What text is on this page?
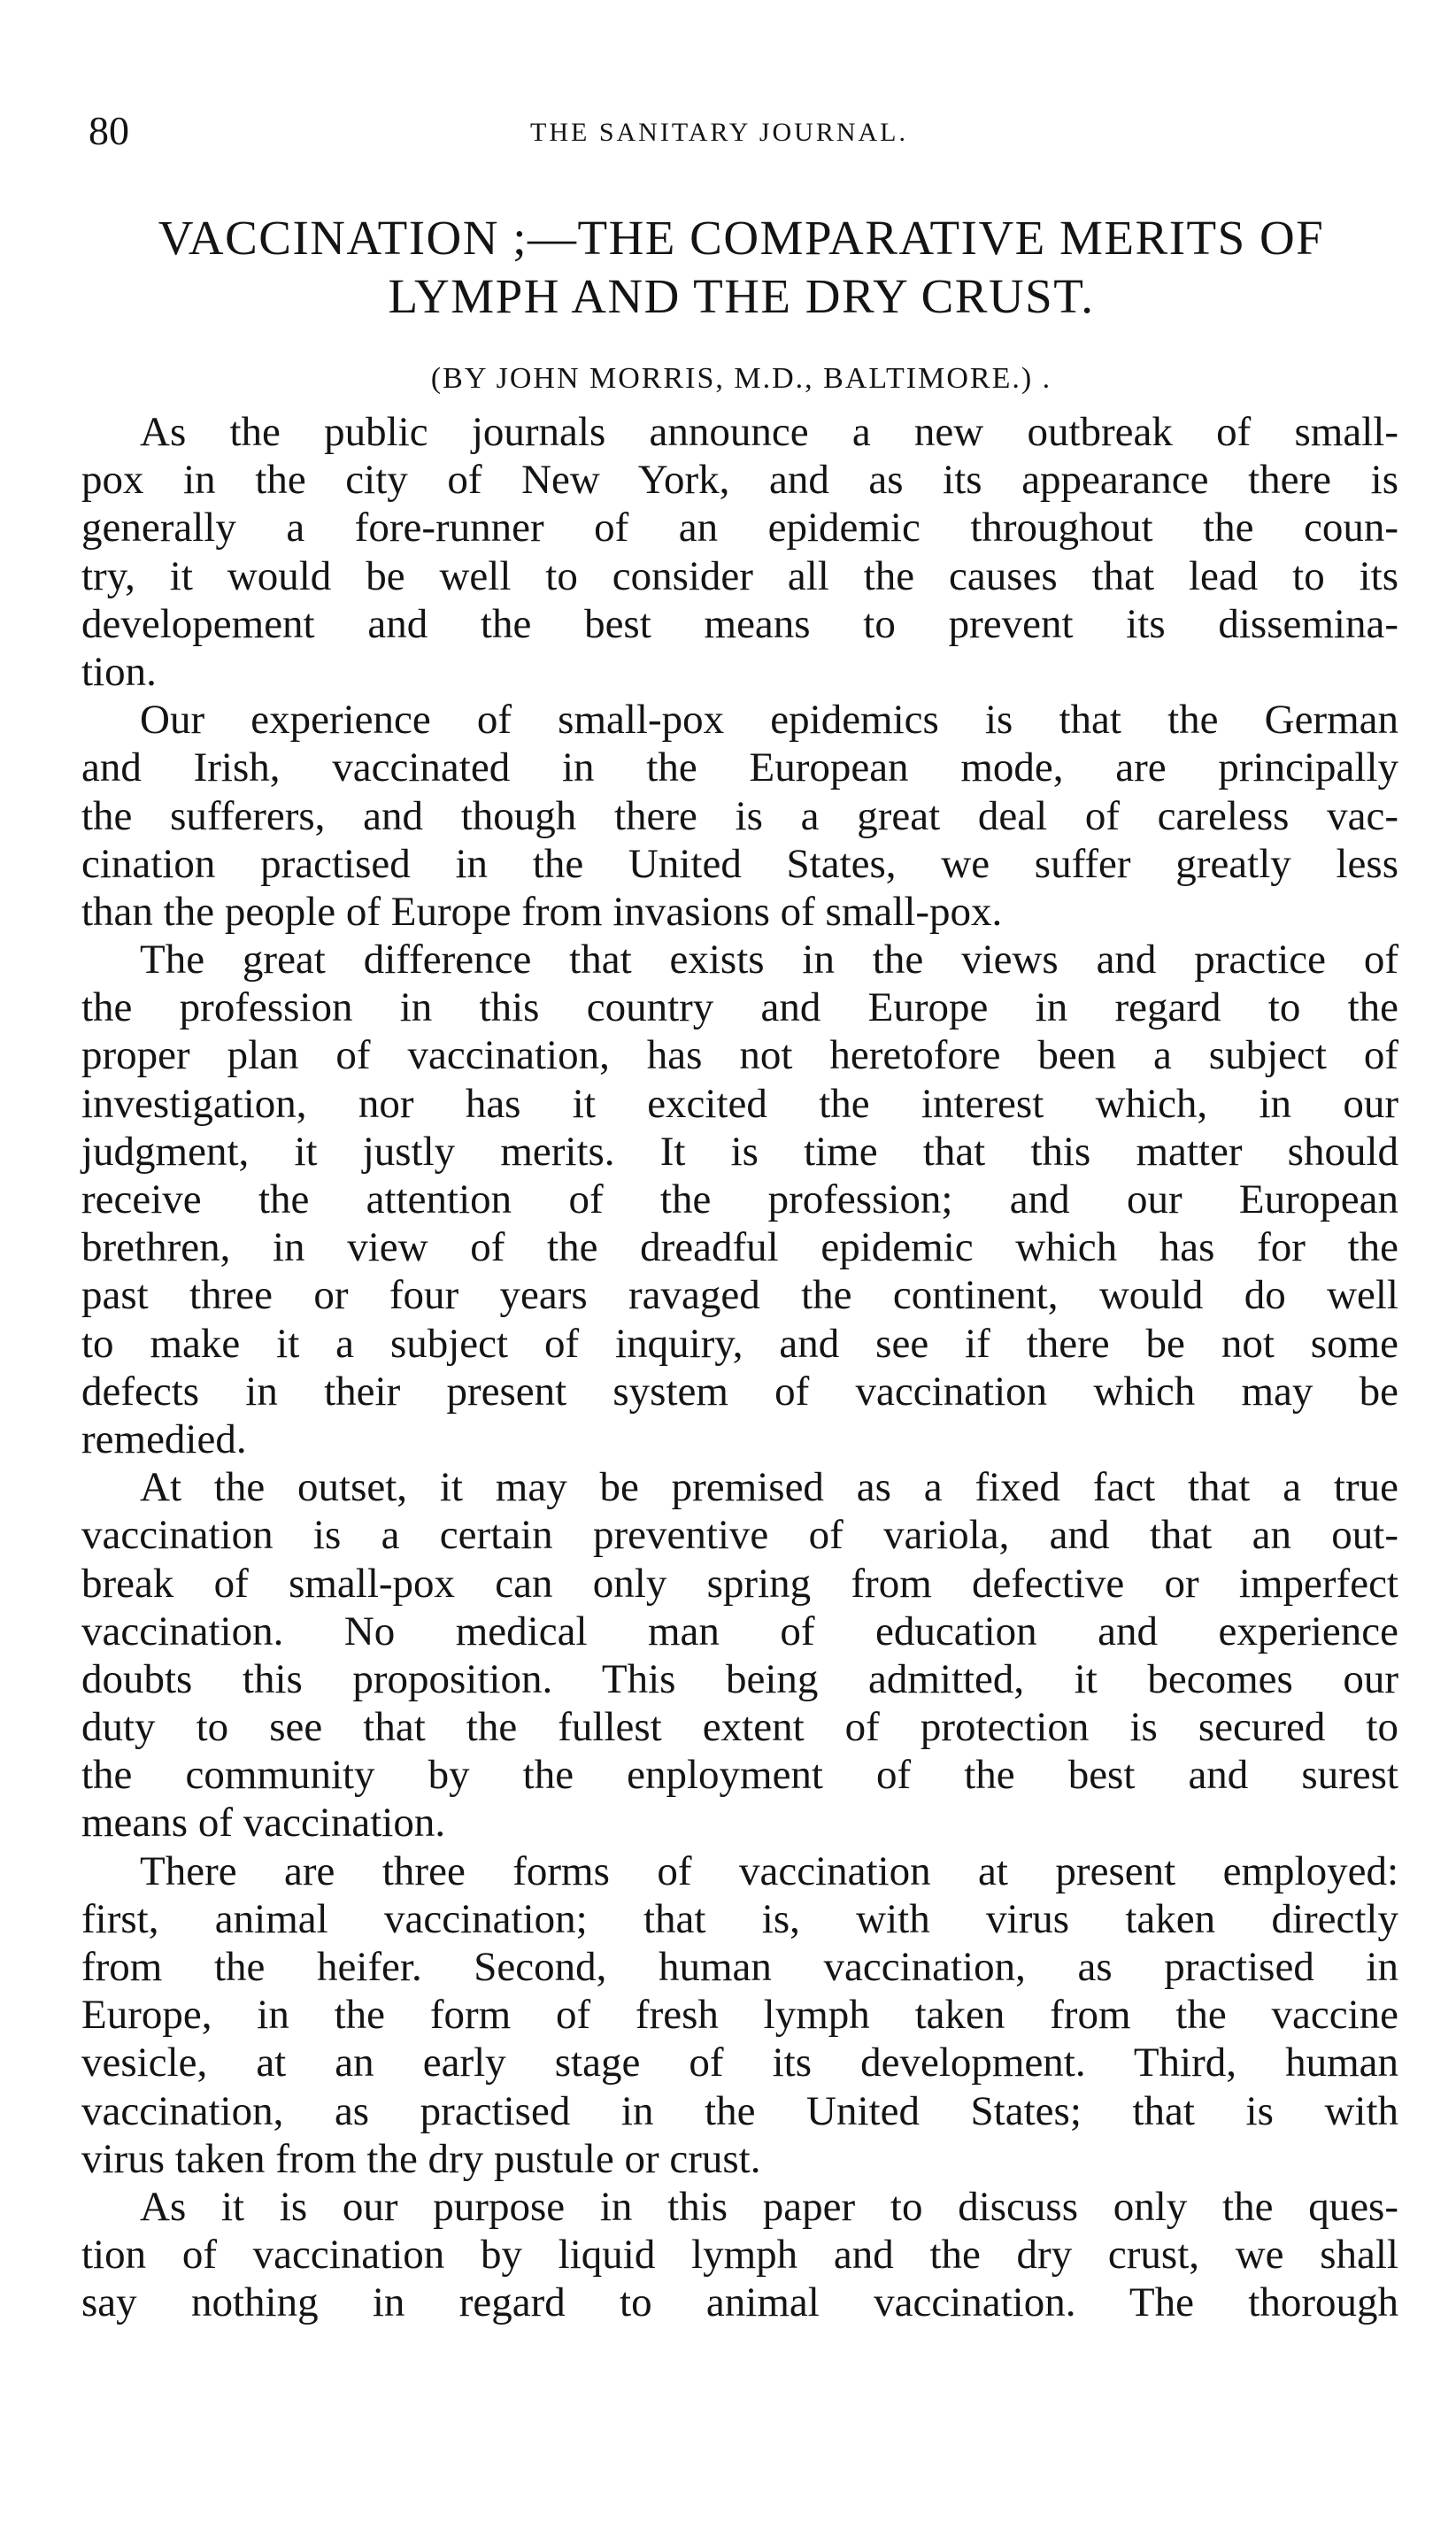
80	THE SANITARY JOURNAL.
VACCINATION ;—THE COMPARATIVE MERITS OF
LYMPH AND THE DRY CRUST.
(BY JOHN MORRIS, M.D., BALTIMORE.) .
As the public journals announce a new outbreak of small-
pox in the city of New York, and as its appearance there is
generally a fore-runner of an epidemic throughout the coun-
try, it would be well to consider all the causes that lead to its
developement and the best means to prevent its dissemina-
tion.
Our experience of small-pox epidemics is that the German
and Irish, vaccinated in the European mode, are principally
the sufferers, and though there is a great deal of careless vac-
cination practised in the United States, we suffer greatly less
than the people of Europe from invasions of small-pox.
The great difference that exists in the views and practice of
the profession in this country and Europe in regard to the
proper plan of vaccination, has not heretofore been a subject of
investigation, nor has it excited the interest which, in our
judgment, it justly merits. It is time that this matter should
receive the attention of the profession; and our European
brethren, in view of the dreadful epidemic which has for the
past three or four years ravaged the continent, would do well
to make it a subject of inquiry, and see if there be not some
defects in their present system of vaccination which may be
remedied.
At the outset, it may be premised as a fixed fact that a true
vaccination is a certain preventive of variola, and that an out-
break of small-pox can only spring from defective or imperfect
vaccination. No medical man of education and experience
doubts this proposition. This being admitted, it becomes our
duty to see that the fullest extent of protection is secured to
the community by the enployment of the best and surest
means of vaccination.
There are three forms of vaccination at present employed:
first, animal vaccination; that is, with virus taken directly
from the heifer. Second, human vaccination, as practised in
Europe, in the form of fresh lymph taken from the vaccine
vesicle, at an early stage of its development. Third, human
vaccination, as practised in the United States; that is with
virus taken from the dry pustule or crust.
As it is our purpose in this paper to discuss only the ques-
tion of vaccination by liquid lymph and the dry crust, we shall
say nothing in regard to animal vaccination. The thorough
